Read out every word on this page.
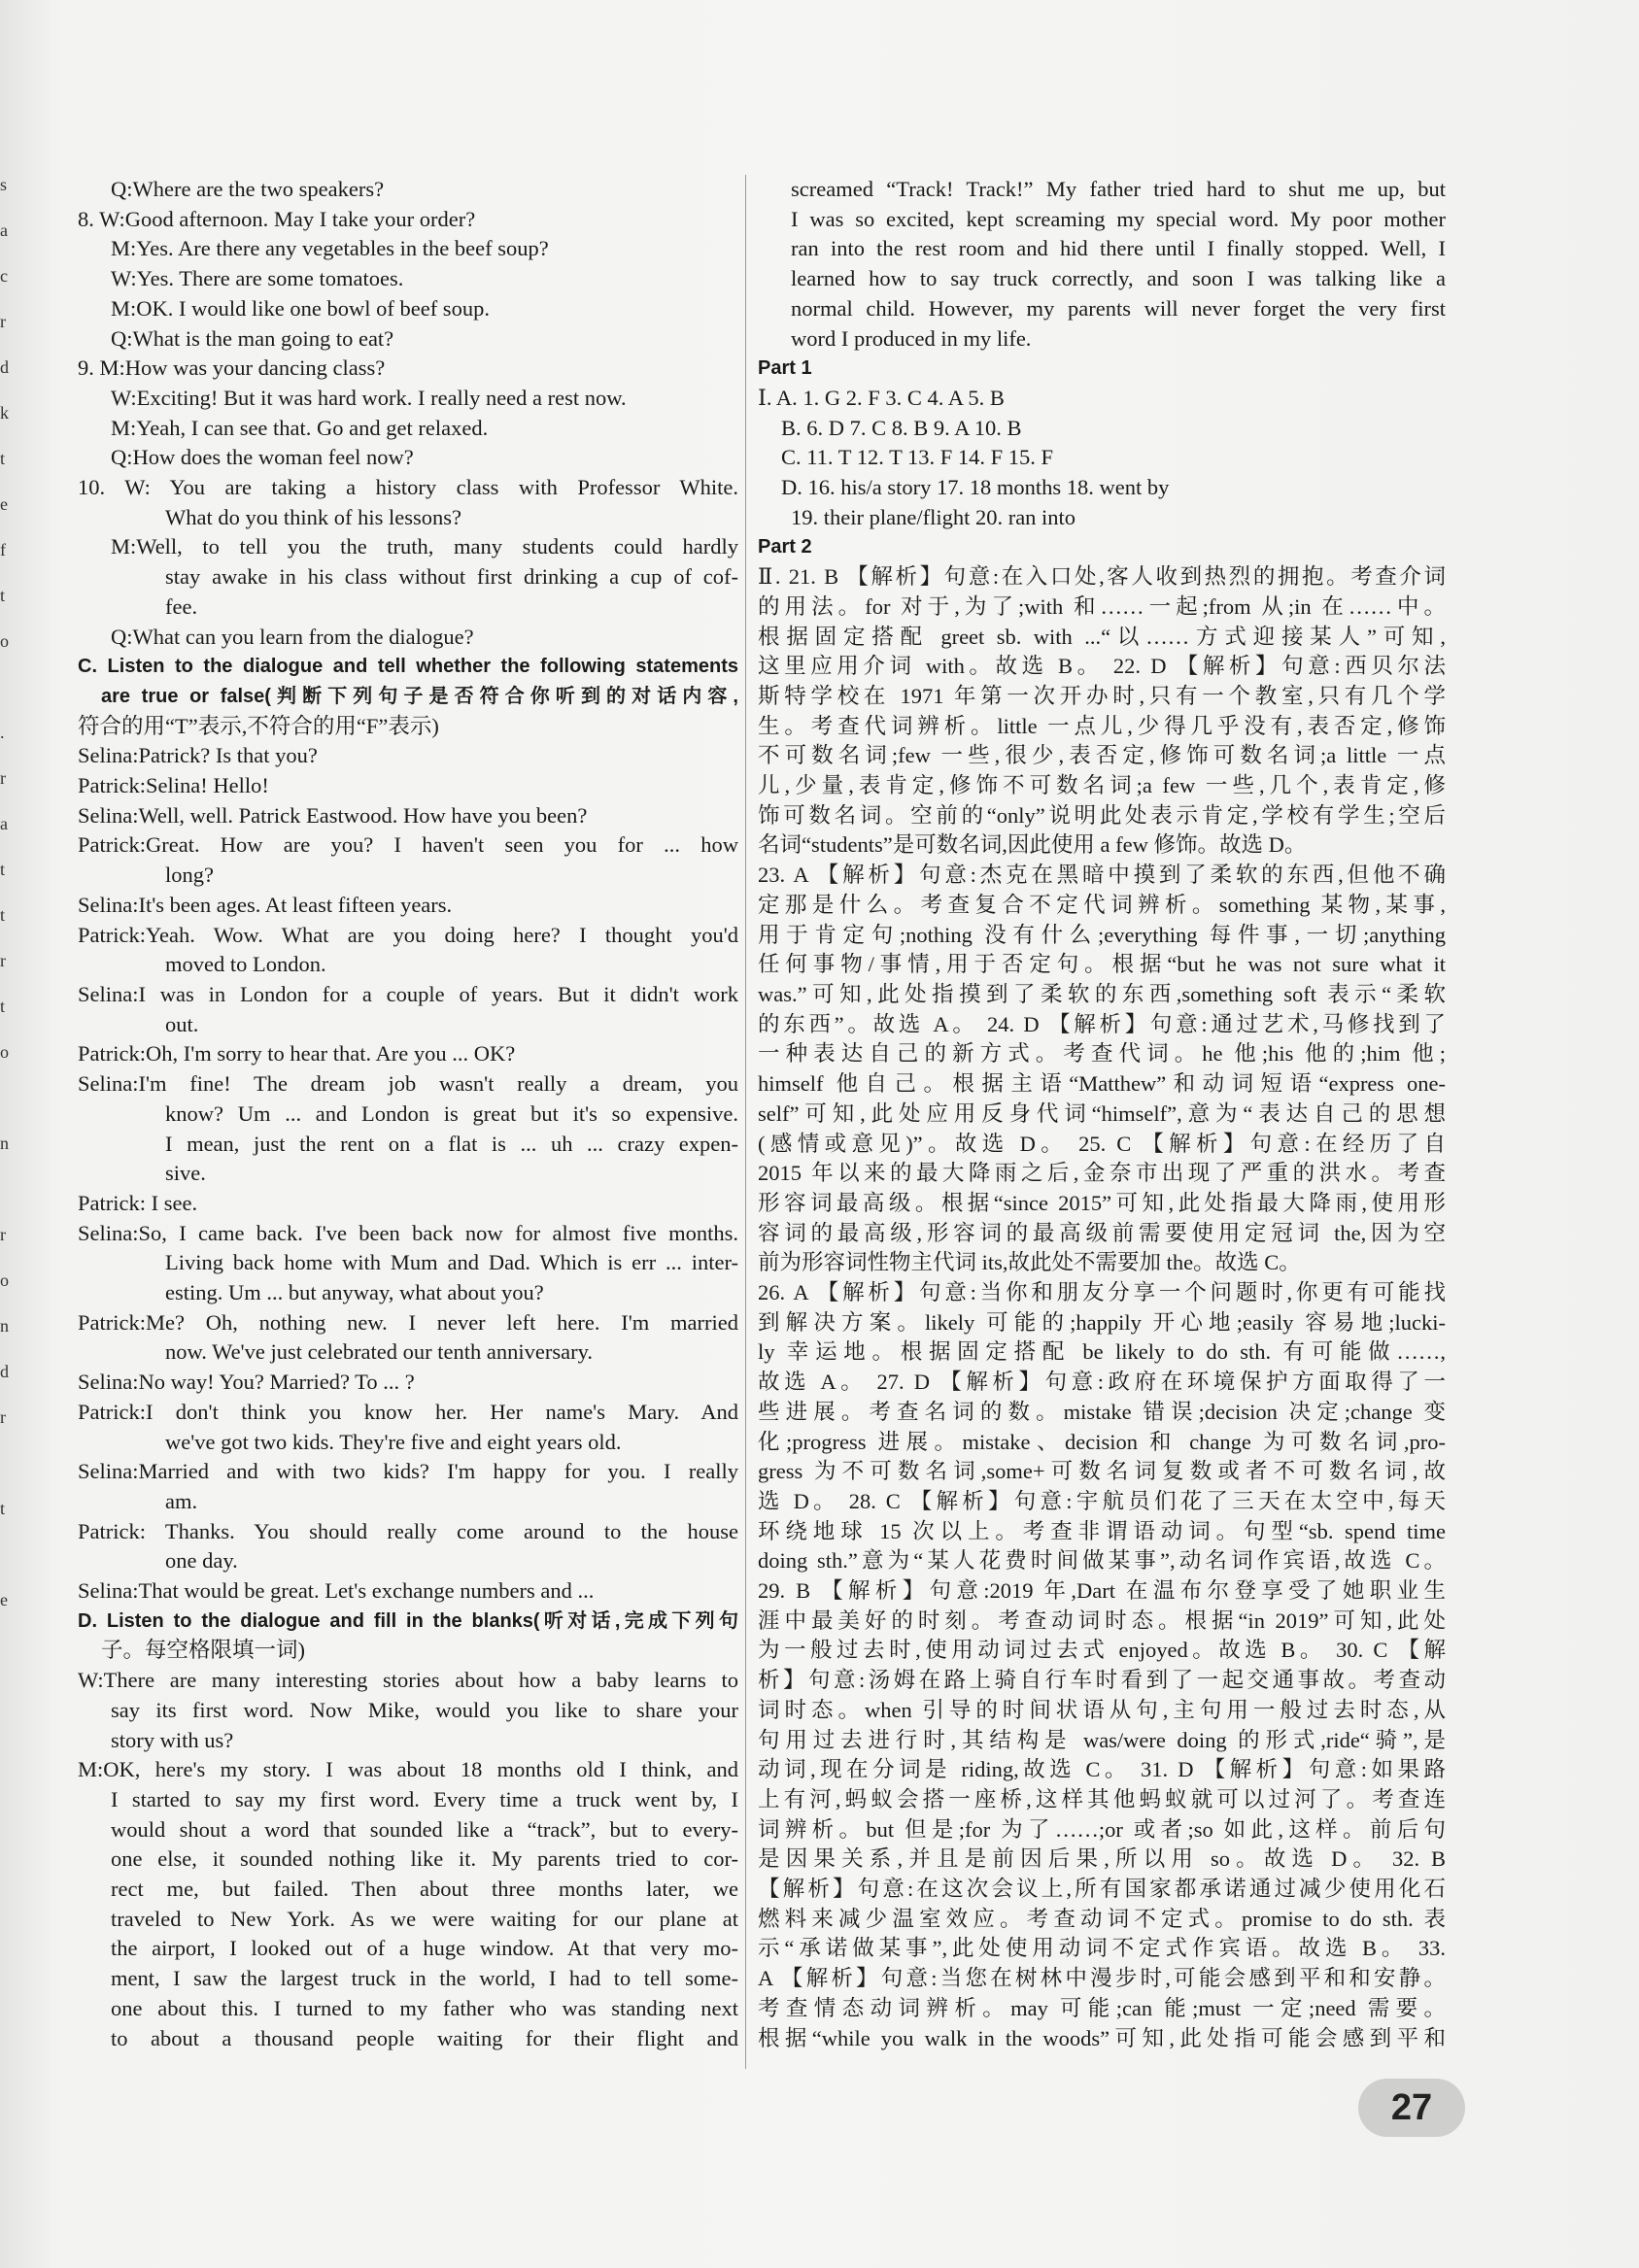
s
a
c
r
d
k
t
e
f
t
o
.
r
a
t
t
r
t
o
n
r
o
n
d
r
t
e
Q:Where are the two speakers?
8. W:Good afternoon. May I take your order?
M:Yes. Are there any vegetables in the beef soup?
W:Yes. There are some tomatoes.
M:OK. I would like one bowl of beef soup.
Q:What is the man going to eat?
9. M:How was your dancing class?
W:Exciting! But it was hard work. I really need a rest now.
M:Yeah, I can see that. Go and get relaxed.
Q:How does the woman feel now?
10. W: You are taking a history class with Professor White.
What do you think of his lessons?
M:Well, to tell you the truth, many students could hardly
stay awake in his class without first drinking a cup of cof-
fee.
Q:What can you learn from the dialogue?
C. Listen to the dialogue and tell whether the following statements
are true or false(判断下列句子是否符合你听到的对话内容,
符合的用“T”表示,不符合的用“F”表示)
Selina:Patrick? Is that you?
Patrick:Selina! Hello!
Selina:Well, well. Patrick Eastwood. How have you been?
Patrick:Great. How are you? I haven't seen you for ... how
long?
Selina:It's been ages. At least fifteen years.
Patrick:Yeah. Wow. What are you doing here? I thought you'd
moved to London.
Selina:I was in London for a couple of years. But it didn't work
out.
Patrick:Oh, I'm sorry to hear that. Are you ... OK?
Selina:I'm fine! The dream job wasn't really a dream, you
know? Um ... and London is great but it's so expensive.
I mean, just the rent on a flat is ... uh ... crazy expen-
sive.
Patrick: I see.
Selina:So, I came back. I've been back now for almost five months.
Living back home with Mum and Dad. Which is err ... inter-
esting. Um ... but anyway, what about you?
Patrick:Me? Oh, nothing new. I never left here. I'm married
now. We've just celebrated our tenth anniversary.
Selina:No way! You? Married? To ... ?
Patrick:I don't think you know her. Her name's Mary. And
we've got two kids. They're five and eight years old.
Selina:Married and with two kids? I'm happy for you. I really
am.
Patrick: Thanks. You should really come around to the house
one day.
Selina:That would be great. Let's exchange numbers and ...
D. Listen to the dialogue and fill in the blanks(听对话,完成下列句
子。每空格限填一词)
W:There are many interesting stories about how a baby learns to
say its first word. Now Mike, would you like to share your
story with us?
M:OK, here's my story. I was about 18 months old I think, and
I started to say my first word. Every time a truck went by, I
would shout a word that sounded like a “track”, but to every-
one else, it sounded nothing like it. My parents tried to cor-
rect me, but failed. Then about three months later, we
traveled to New York. As we were waiting for our plane at
the airport, I looked out of a huge window. At that very mo-
ment, I saw the largest truck in the world, I had to tell some-
one about this. I turned to my father who was standing next
to about a thousand people waiting for their flight and
screamed “Track! Track!” My father tried hard to shut me up, but
I was so excited, kept screaming my special word. My poor mother
ran into the rest room and hid there until I finally stopped. Well, I
learned how to say truck correctly, and soon I was talking like a
normal child. However, my parents will never forget the very first
word I produced in my life.
Part 1
Ⅰ. A. 1. G 2. F 3. C 4. A 5. B
B. 6. D 7. C 8. B 9. A 10. B
C. 11. T 12. T 13. F 14. F 15. F
D. 16. his/a story 17. 18 months 18. went by
19. their plane/flight 20. ran into
Part 2
Ⅱ. 21. B 【解析】句意:在入口处,客人收到热烈的拥抱。考查介词
的用法。for 对于,为了;with 和……一起;from 从;in 在……中。
根据固定搭配 greet sb. with ...“以……方式迎接某人”可知,
这里应用介词 with。故选 B。 22. D 【解析】句意:西贝尔法
斯特学校在 1971 年第一次开办时,只有一个教室,只有几个学
生。考查代词辨析。little 一点儿,少得几乎没有,表否定,修饰
不可数名词;few 一些,很少,表否定,修饰可数名词;a little 一点
儿,少量,表肯定,修饰不可数名词;a few 一些,几个,表肯定,修
饰可数名词。空前的“only”说明此处表示肯定,学校有学生;空后
名词“students”是可数名词,因此使用 a few 修饰。故选 D。
23. A 【解析】句意:杰克在黑暗中摸到了柔软的东西,但他不确
定那是什么。考查复合不定代词辨析。something 某物,某事,
用于肯定句;nothing 没有什么;everything 每件事,一切;anything
任何事物/事情,用于否定句。根据“but he was not sure what it
was.”可知,此处指摸到了柔软的东西,something soft 表示“柔软
的东西”。故选 A。 24. D 【解析】句意:通过艺术,马修找到了
一种表达自己的新方式。考查代词。he 他;his 他的;him 他;
himself 他自己。根据主语“Matthew”和动词短语“express one-
self”可知,此处应用反身代词“himself”,意为“表达自己的思想
(感情或意见)”。故选 D。 25. C 【解析】句意:在经历了自
2015 年以来的最大降雨之后,金奈市出现了严重的洪水。考查
形容词最高级。根据“since 2015”可知,此处指最大降雨,使用形
容词的最高级,形容词的最高级前需要使用定冠词 the,因为空
前为形容词性物主代词 its,故此处不需要加 the。故选 C。
26. A 【解析】句意:当你和朋友分享一个问题时,你更有可能找
到解决方案。likely 可能的;happily 开心地;easily 容易地;lucki-
ly 幸运地。根据固定搭配 be likely to do sth. 有可能做……,
故选 A。 27. D 【解析】句意:政府在环境保护方面取得了一
些进展。考查名词的数。mistake 错误;decision 决定;change 变
化;progress 进展。mistake、decision 和 change 为可数名词,pro-
gress 为不可数名词,some+可数名词复数或者不可数名词,故
选 D。 28. C 【解析】句意:宇航员们花了三天在太空中,每天
环绕地球 15 次以上。考查非谓语动词。句型“sb. spend time
doing sth.”意为“某人花费时间做某事”,动名词作宾语,故选 C。
29. B 【解析】句意:2019 年,Dart 在温布尔登享受了她职业生
涯中最美好的时刻。考查动词时态。根据“in 2019”可知,此处
为一般过去时,使用动词过去式 enjoyed。故选 B。 30. C 【解
析】句意:汤姆在路上骑自行车时看到了一起交通事故。考查动
词时态。when 引导的时间状语从句,主句用一般过去时态,从
句用过去进行时,其结构是 was/were doing 的形式,ride“骑”,是
动词,现在分词是 riding,故选 C。 31. D 【解析】句意:如果路
上有河,蚂蚁会搭一座桥,这样其他蚂蚁就可以过河了。考查连
词辨析。but 但是;for 为了……;or 或者;so 如此,这样。前后句
是因果关系,并且是前因后果,所以用 so。故选 D。 32. B
【解析】句意:在这次会议上,所有国家都承诺通过减少使用化石
燃料来减少温室效应。考查动词不定式。promise to do sth. 表
示“承诺做某事”,此处使用动词不定式作宾语。故选 B。 33.
A 【解析】句意:当您在树林中漫步时,可能会感到平和和安静。
考查情态动词辨析。may 可能;can 能;must 一定;need 需要。
根据“while you walk in the woods”可知,此处指可能会感到平和
27
